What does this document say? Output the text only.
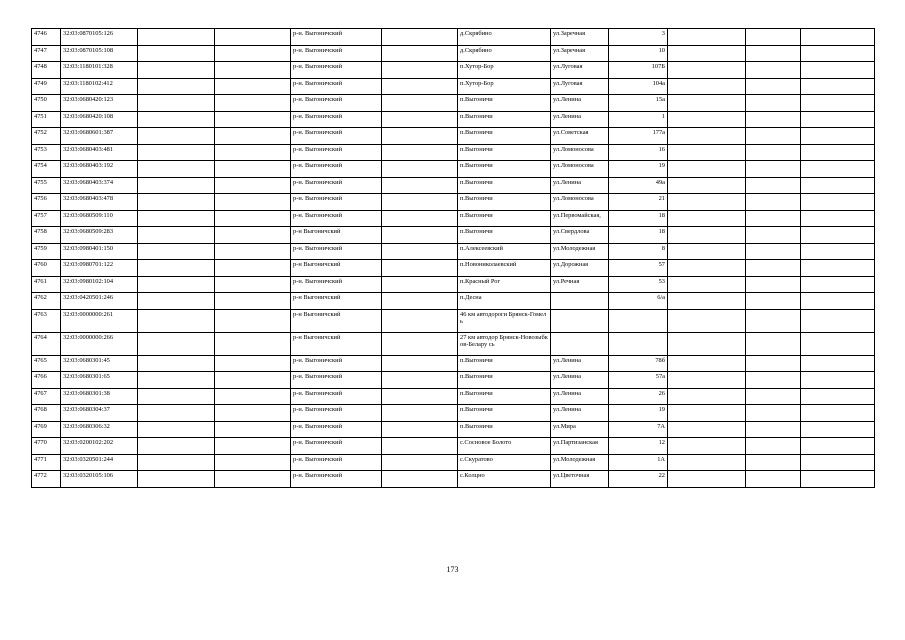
4746	32:03:0870105:126			р-н. Выгоничский		д.Скрябино	ул.Заречная	3			
4747	32:03:0870105:108			р-н. Выгоничский		д.Скрябино	ул.Заречная	10			
4748	32:03:1180101:328			р-н. Выгоничский		п.Хутор-Бор	ул.Луговая	107Б			
4749	32:03:1180102:412			р-н. Выгоничский		п.Хутор-Бор	ул.Луговая	104а			
4750	32:03:0680420:123			р-н. Выгоничский		п.Выгоничи	ул.Ленина	15а			
4751	32:03:0680420:108			р-н. Выгоничский		п.Выгоничи	ул.Ленина	1			
4752	32:03:0680601:387			р-н. Выгоничский		п.Выгоничи	ул.Советская	177а			
4753	32:03:0680403:481			р-н. Выгоничский		п.Выгоничи	ул.Ломоносова	16			
4754	32:03:0680403:192			р-н. Выгоничский		п.Выгоничи	ул.Ломоносова	19			
4755	32:03:0680403:374			р-н. Выгоничский		п.Выгоничи	ул.Ленина	49а			
4756	32:03:0680403:478			р-н. Выгоничский		п.Выгоничи	ул.Ломоносова	21			
4757	32:03:0680509:110			р-н. Выгоничский		п.Выгоничи	ул.Первомайская,	18			
4758	32:03:0680509:283			р-н Выгоничский		п.Выгоничи	ул.Свердлова	18			
4759	32:03:0980401:150			р-н. Выгоничский		п.Алексеевский	ул.Молодежная	8			
4760	32:03:0980701:122			р-н Выгоничский		п.Новониколаевский	ул.Дорожная	57			
4761	32:03:0980102:104			р-н. Выгоничский		п.Красный Рог	ул.Речная	53			
4762	32:03:0420501:246			р-н Выгоничский		п.Десна		6/а			
4763	32:03:0000000:261			р-н Выгоничский		46 км автодороги Брянск-Гомель					
4764	32:03:0000000:266			р-н Выгоничский		27 км автодор Брянск-Новозыбков-Белару сь					
4765	32:03:0680301:45			р-н. Выгоничский		п.Выгоничи	ул.Ленина	78б			
4766	32:03:0680301:65			р-н. Выгоничский		п.Выгоничи	ул.Ленина	57а			
4767	32:03:0680301:38			р-н. Выгоничский		п.Выгоничи	ул.Ленина	26			
4768	32:03:0680304:37			р-н. Выгоничский		п.Выгоничи	ул.Ленина	19			
4769	32:03:0680306:32			р-н. Выгоничский		п.Выгоничи	ул.Мира	7А			
4770	32:03:0200102:202			р-н. Выгоничский		с.Сосновое Болото	ул.Партизанская	12			
4771	32:03:0320501:244			р-н. Выгоничский		с.Скуратово	ул.Молодежная	1А			
4772	32:03:0320105:106			р-н. Выгоничский		с.Колцно	ул.Цветочная	22			
173
